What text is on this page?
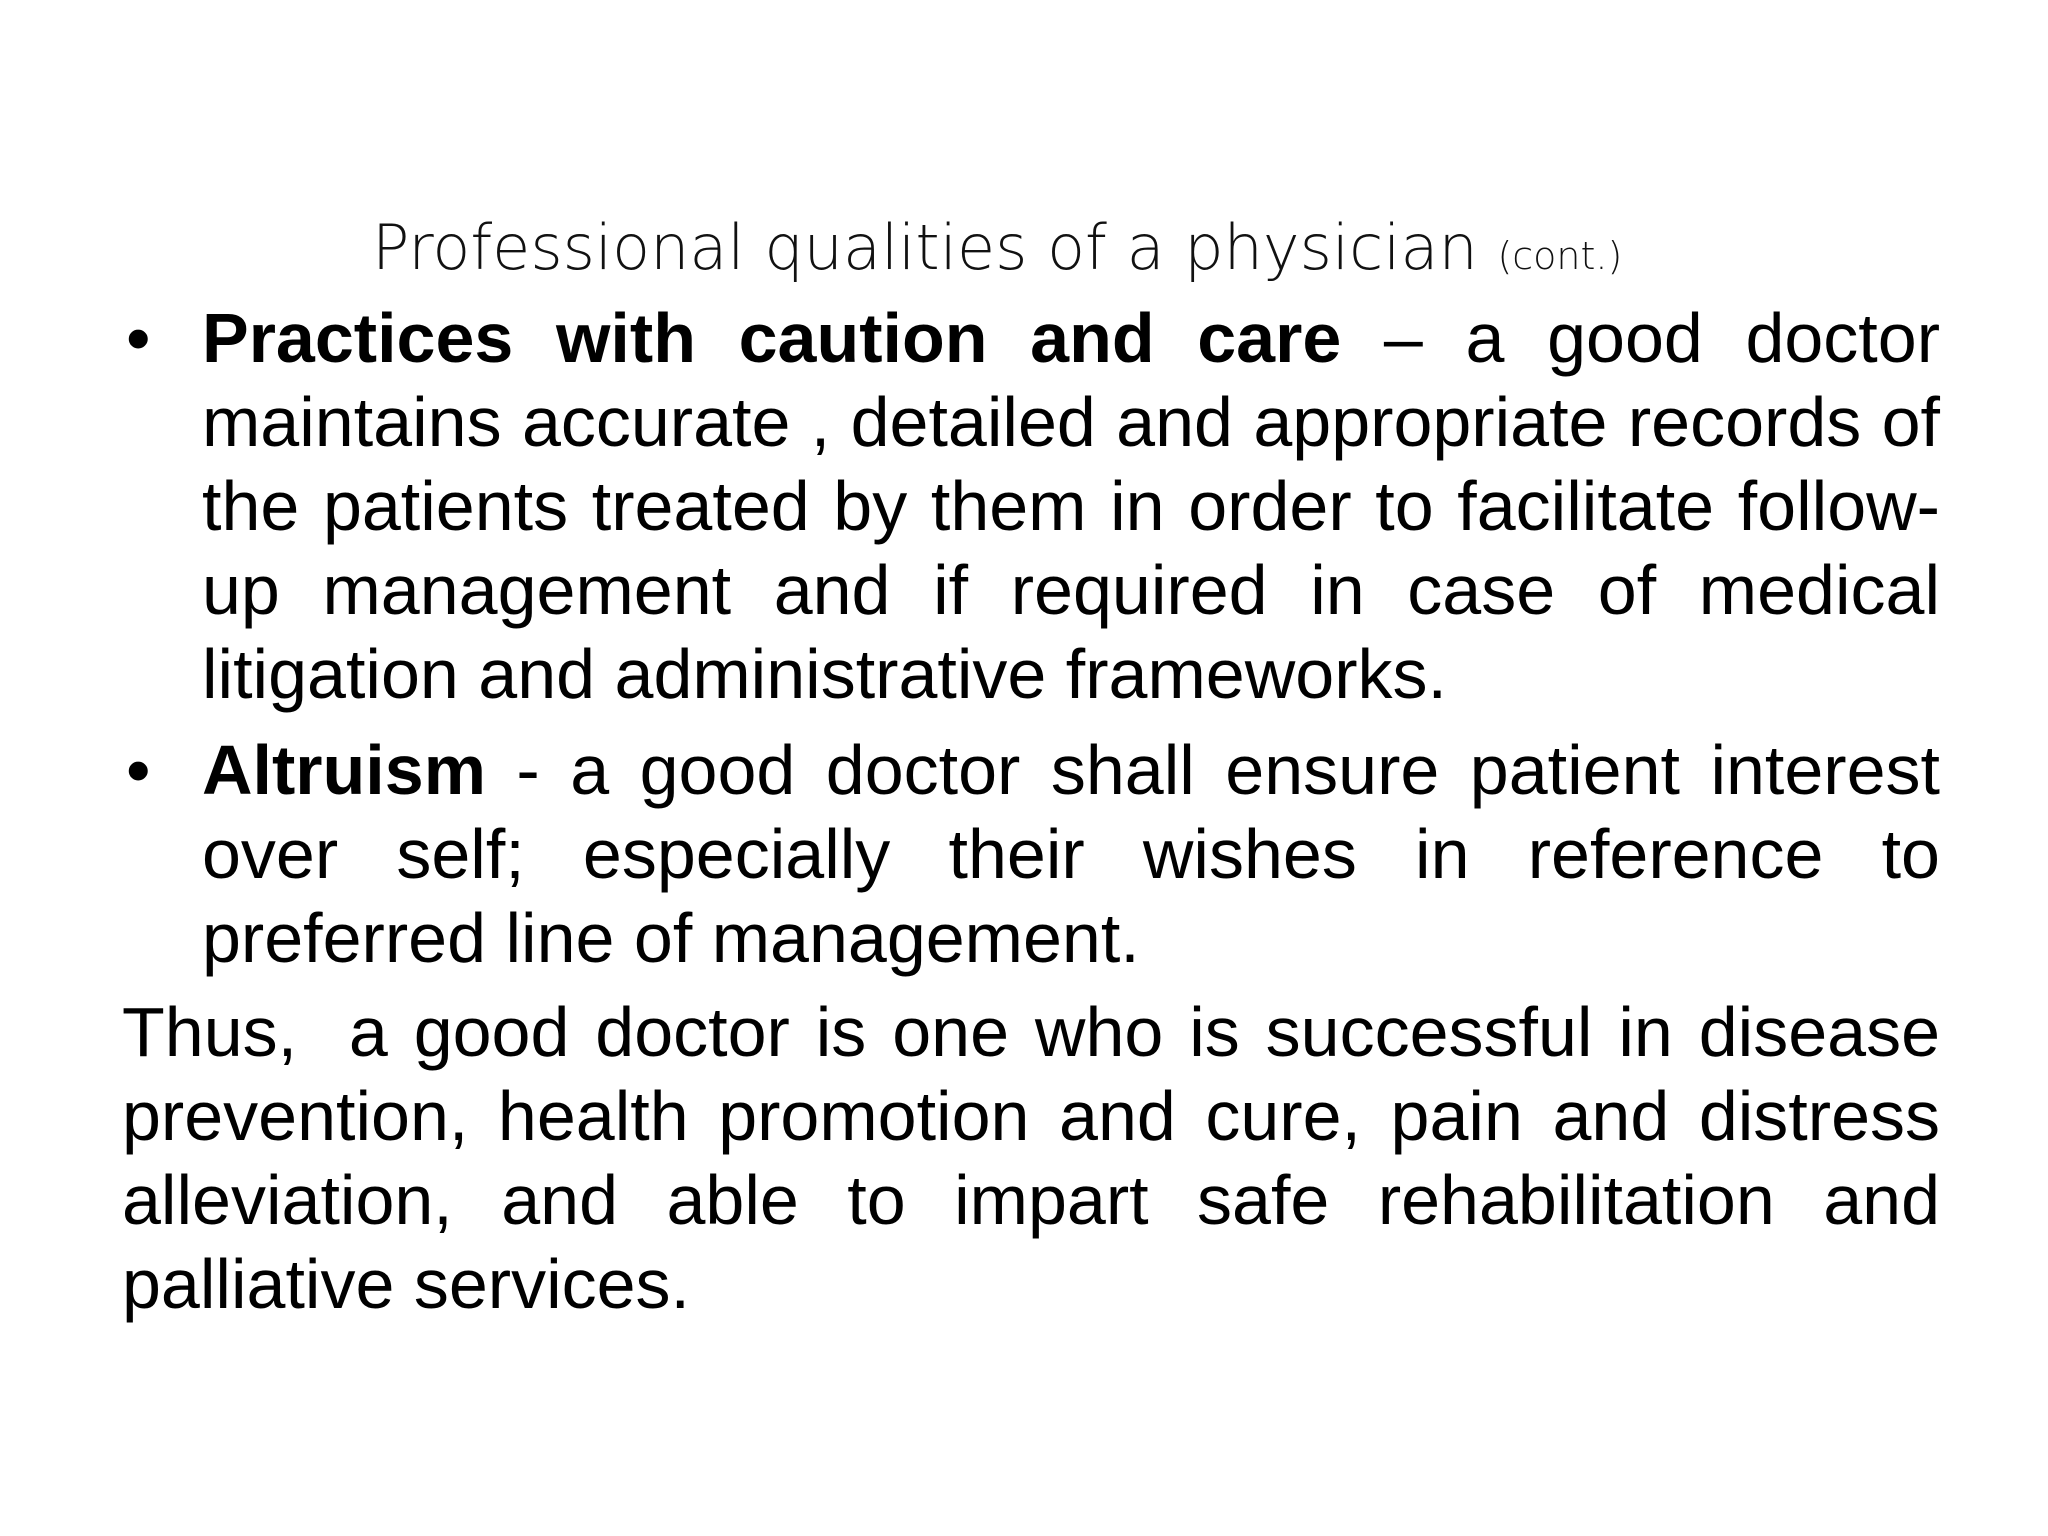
Professional qualities of a physician (cont.)
• Practices with caution and care – a good doctor maintains accurate , detailed and appropriate records of the patients treated by them in order to facilitate follow-up management and if required in case of medical litigation and administrative frameworks.
• Altruism - a good doctor shall ensure patient interest over self; especially their wishes in reference to preferred line of management.
Thus,  a good doctor is one who is successful in disease prevention, health promotion and cure, pain and distress alleviation, and able to impart safe rehabilitation and palliative services.
